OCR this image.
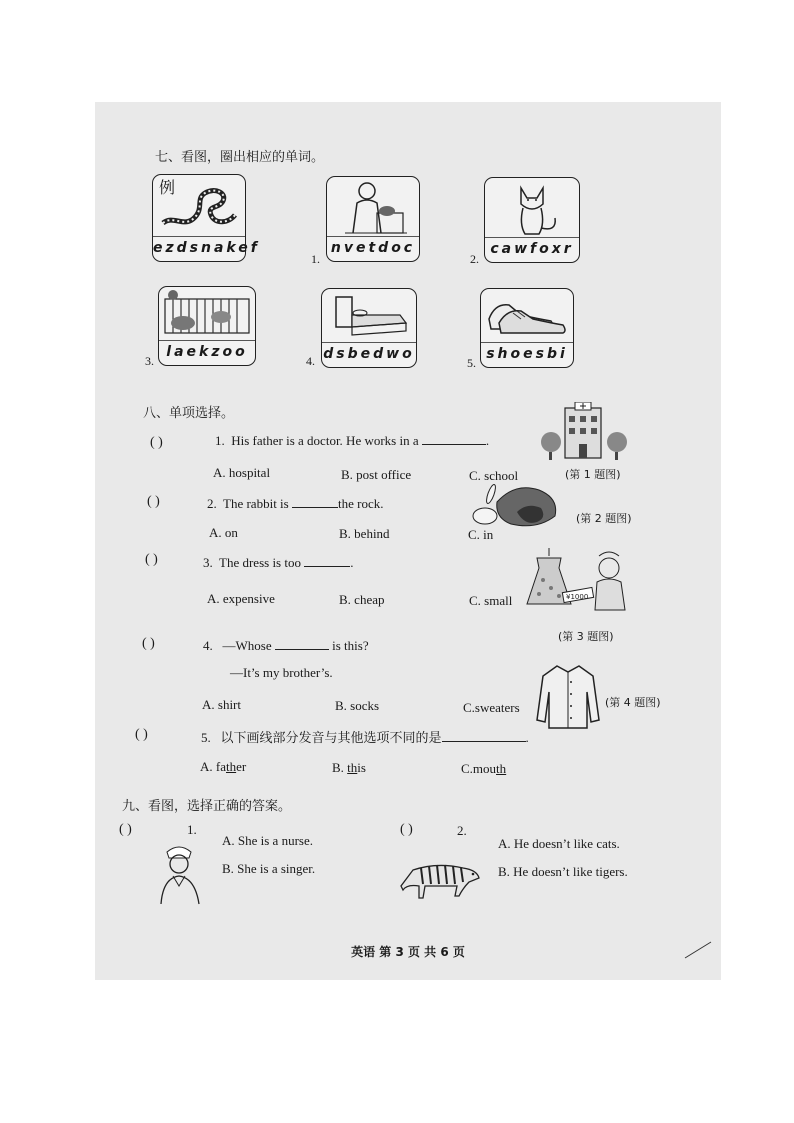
七、看图，圈出相应的单词。
例
ezdsnakef
1.
nvetdoc
2.
cawfoxr
3.
laekzoo
4. dsbedwo
5.
shoesbi
八、单项选择。
( )	1. His father is a doctor. He works in a	.
A. hospital	B. post office	C. school	(第 1 题图)
( )	2. The rabbit is	the rock.
A. on	B. behind	C. in
(第 2 题图)
( )	3. The dress is too	.
A. expensive	B. cheap	C. small	¥1000
(第 3 题图)
( )	4. —Whose	is this?
—It’s my brother’s.
A. shirt	B. socks	C.sweaters	(第 4 题图)
( )	5. 以下画线部分发音与其他选项不同的是	.
A. father	B. this	C.mouth
九、看图，选择正确的答案。
( )	1.
A. She is a nurse.
B. She is a singer.
( )	2.
A. He doesn’t like cats.
B. He doesn’t like tigers.
英语 第 3 页 共 6 页
